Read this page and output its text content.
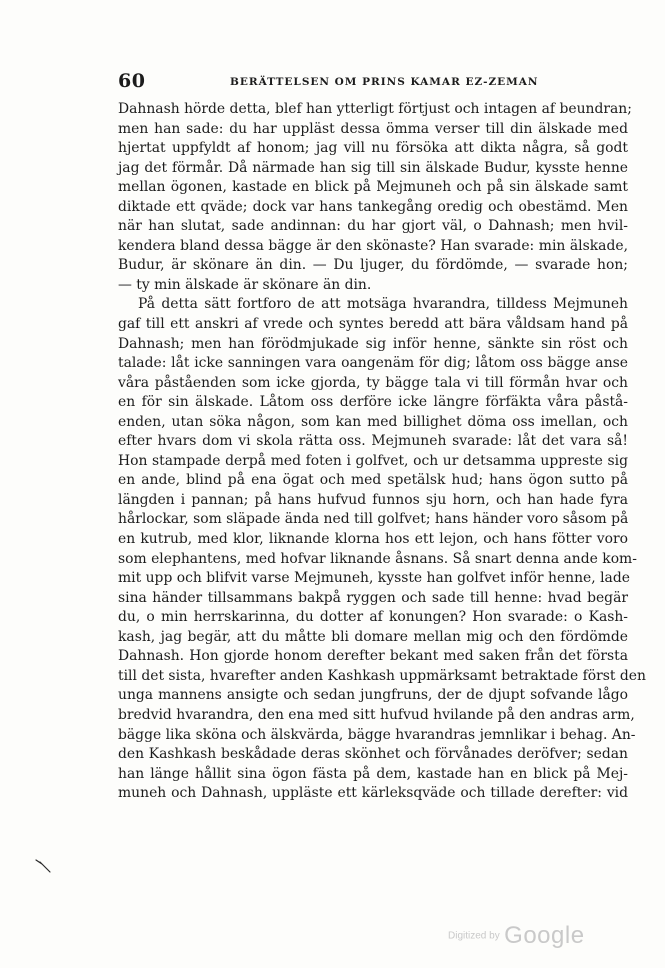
60	BERÄTTELSEN OM PRINS KAMAR EZ-ZEMAN
Dahnash hörde detta, blef han ytterligt förtjust och intagen af beundran;
men han sade: du har uppläst dessa ömma verser till din älskade med
hjertat uppfyldt af honom; jag vill nu försöka att dikta några, så godt
jag det förmår. Då närmade han sig till sin älskade Budur, kysste henne
mellan ögonen, kastade en blick på Mejmuneh och på sin älskade samt
diktade ett qväde; dock var hans tankegång oredig och obestämd. Men
när han slutat, sade andinnan: du har gjort väl, o Dahnash; men hvil-
kendera bland dessa bägge är den skönaste? Han svarade: min älskade,
Budur, är skönare än din. — Du ljuger, du fördömde, — svarade hon;
— ty min älskade är skönare än din.
På detta sätt fortforo de att motsäga hvarandra, tilldess Mejmuneh
gaf till ett anskri af vrede och syntes beredd att bära våldsam hand på
Dahnash; men han förödmjukade sig inför henne, sänkte sin röst och
talade: låt icke sanningen vara oangenäm för dig; låtom oss bägge anse
våra påståenden som icke gjorda, ty bägge tala vi till förmån hvar och
en för sin älskade. Låtom oss derföre icke längre förfäkta våra påstå-
enden, utan söka någon, som kan med billighet döma oss imellan, och
efter hvars dom vi skola rätta oss. Mejmuneh svarade: låt det vara så!
Hon stampade derpå med foten i golfvet, och ur detsamma uppreste sig
en ande, blind på ena ögat och med spetälsk hud; hans ögon sutto på
längden i pannan; på hans hufvud funnos sju horn, och han hade fyra
hårlockar, som släpade ända ned till golfvet; hans händer voro såsom på
en kutrub, med klor, liknande klorna hos ett lejon, och hans fötter voro
som elephantens, med hofvar liknande åsnans. Så snart denna ande kom-
mit upp och blifvit varse Mejmuneh, kysste han golfvet inför henne, lade
sina händer tillsammans bakpå ryggen och sade till henne: hvad begär
du, o min herrskarinna, du dotter af konungen? Hon svarade: o Kash-
kash, jag begär, att du måtte bli domare mellan mig och den fördömde
Dahnash. Hon gjorde honom derefter bekant med saken från det första
till det sista, hvarefter anden Kashkash uppmärksamt betraktade först den
unga mannens ansigte och sedan jungfruns, der de djupt sofvande lågo
bredvid hvarandra, den ena med sitt hufvud hvilande på den andras arm,
bägge lika sköna och älskvärda, bägge hvarandras jemnlikar i behag. An-
den Kashkash beskådade deras skönhet och förvånades deröfver; sedan
han länge hållit sina ögon fästa på dem, kastade han en blick på Mej-
muneh och Dahnash, uppläste ett kärleksqväde och tillade derefter: vid
Digitized by Google
